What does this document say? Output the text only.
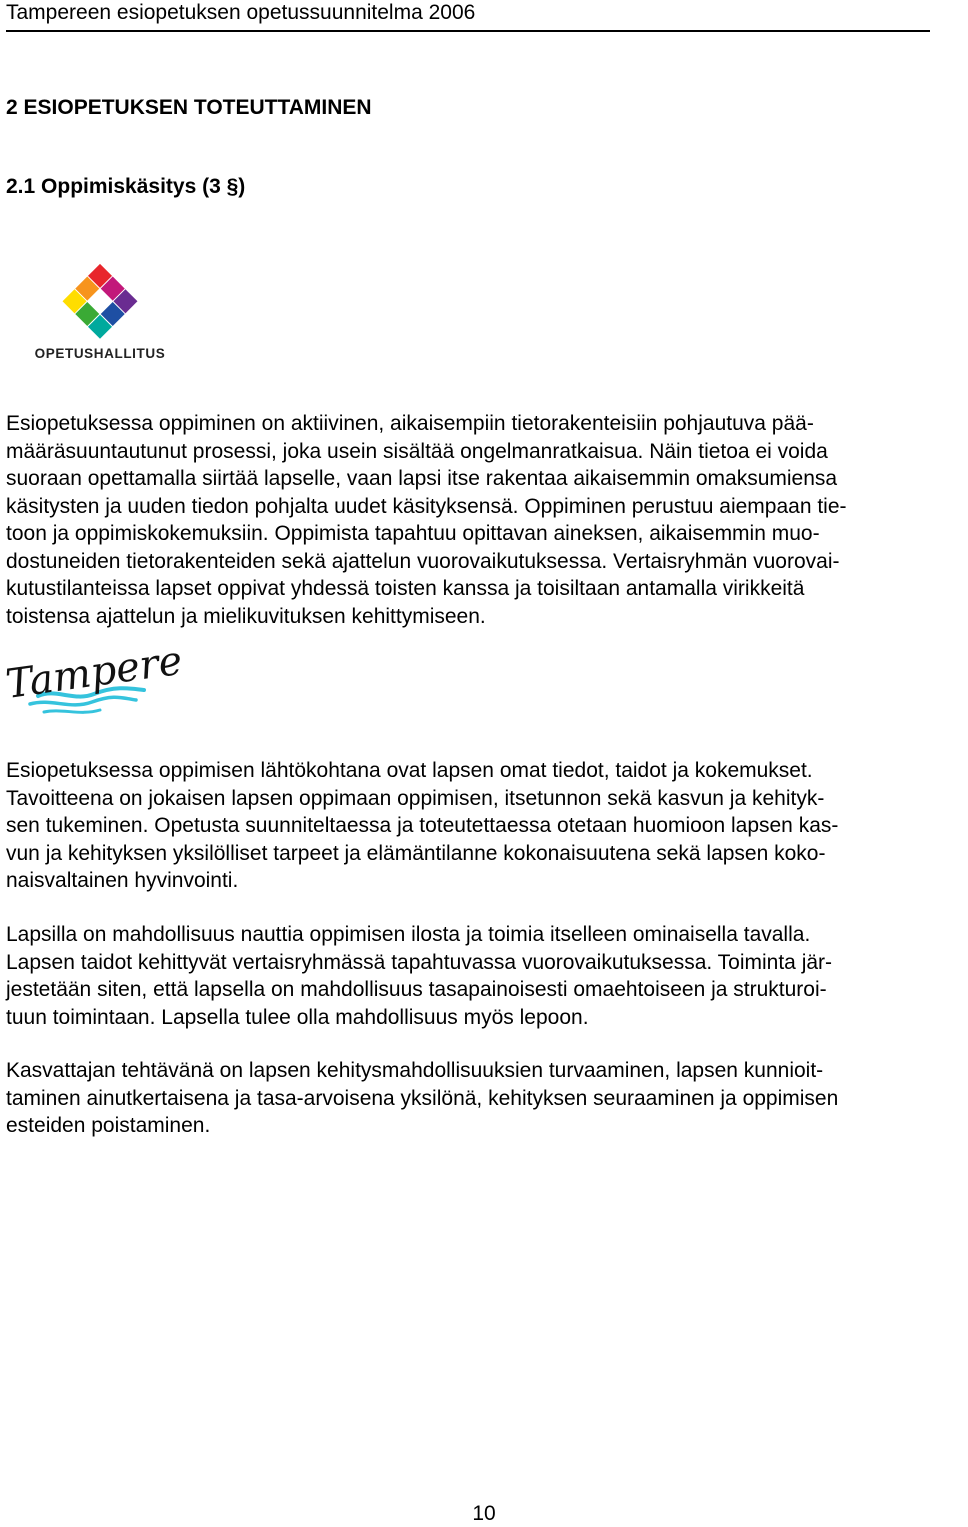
Tampereen esiopetuksen opetussuunnitelma 2006
2 ESIOPETUKSEN TOTEUTTAMINEN
2.1 Oppimiskäsitys (3 §)
OPETUSHALLITUS

Esiopetuksessa oppiminen on aktiivinen, aikaisempiin tietorakenteisiin pohjautuva pää-
määräsuuntautunut prosessi, joka usein sisältää ongelmanratkaisua. Näin tietoa ei voida
suoraan opettamalla siirtää lapselle, vaan lapsi itse rakentaa aikaisemmin omaksumiensa
käsitysten ja uuden tiedon pohjalta uudet käsityksensä. Oppiminen perustuu aiempaan tie-
toon ja oppimiskokemuksiin. Oppimista tapahtuu opittavan aineksen, aikaisemmin muo-
dostuneiden tietorakenteiden sekä ajattelun vuorovaikutuksessa. Vertaisryhmän vuorovai-
kutustilanteissa lapset oppivat yhdessä toisten kanssa ja toisiltaan antamalla virikkeitä
toistensa ajattelun ja mielikuvituksen kehittymiseen.

Tampere

Esiopetuksessa oppimisen lähtökohtana ovat lapsen omat tiedot, taidot ja kokemukset.
Tavoitteena on jokaisen lapsen oppimaan oppimisen, itsetunnon sekä kasvun ja kehityk-
sen tukeminen. Opetusta suunniteltaessa ja toteutettaessa otetaan huomioon lapsen kas-
vun ja kehityksen yksilölliset tarpeet ja elämäntilanne kokonaisuutena sekä lapsen koko-
naisvaltainen hyvinvointi.

Lapsilla on mahdollisuus nauttia oppimisen ilosta ja toimia itselleen ominaisella tavalla.
Lapsen taidot kehittyvät vertaisryhmässä tapahtuvassa vuorovaikutuksessa. Toiminta jär-
jestetään siten, että lapsella on mahdollisuus tasapainoisesti omaehtoiseen ja strukturoi-
tuun toimintaan. Lapsella tulee olla mahdollisuus myös lepoon.

Kasvattajan tehtävänä on lapsen kehitysmahdollisuuksien turvaaminen, lapsen kunnioit-
taminen ainutkertaisena ja tasa-arvoisena yksilönä, kehityksen seuraaminen ja oppimisen
esteiden poistaminen.

10
